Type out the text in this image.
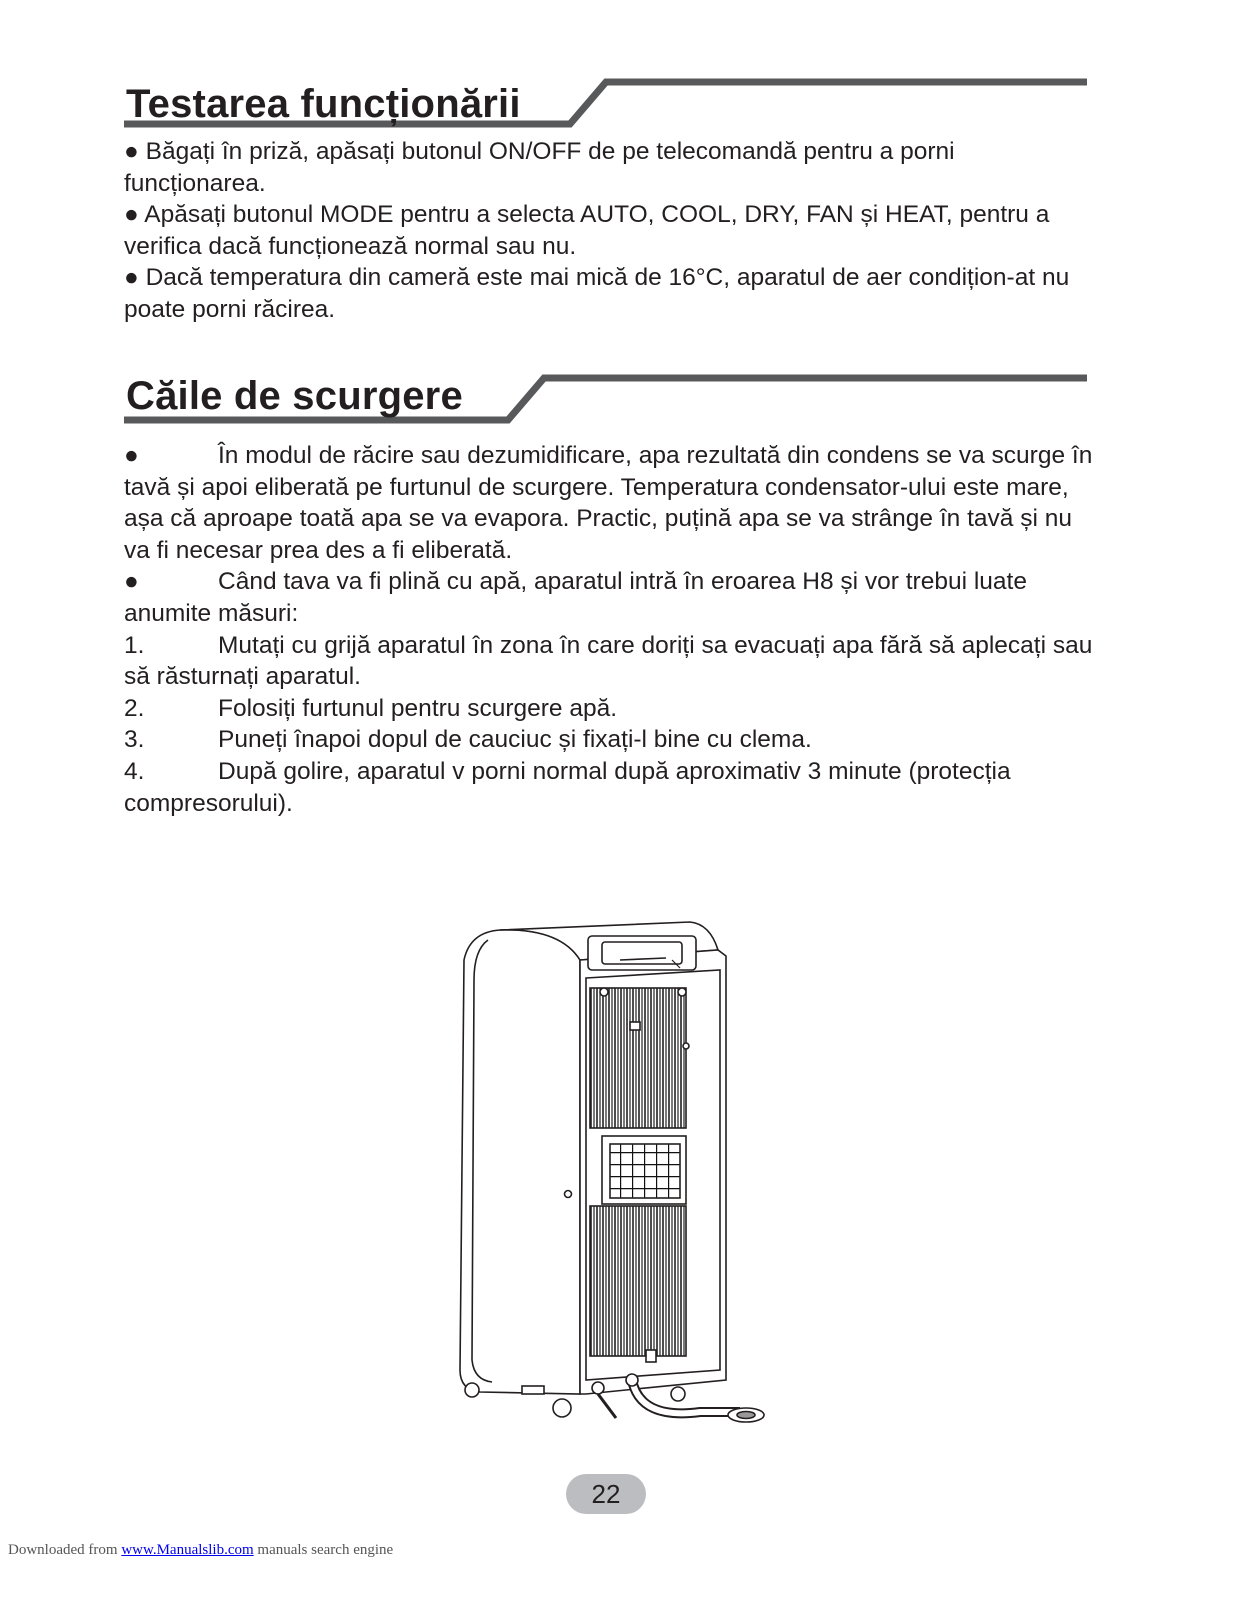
Testarea funcționării

● Băgați în priză, apăsați butonul ON/OFF de pe telecomandă pentru a porni funcționarea.

● Apăsați butonul MODE pentru a selecta AUTO, COOL, DRY, FAN și HEAT, pentru a verifica dacă funcționează normal sau nu.

● Dacă temperatura din cameră este mai mică de 16°C, aparatul de aer condițion-at nu poate porni răcirea.

Căile de scurgere

●	În modul de răcire sau dezumidificare, apa rezultată din condens se va scurge în tavă și apoi eliberată pe furtunul de scurgere. Temperatura condensator-ului este mare, așa că aproape toată apa se va evapora. Practic, puțină apa se va strânge în tavă și nu va fi necesar prea des a fi eliberată.

●	Când tava va fi plină cu apă, aparatul intră în eroarea H8 și vor trebui luate anumite măsuri:

1.	Mutați cu grijă aparatul în zona în care doriți sa evacuați apa fără să aplecați sau să răsturnați aparatul.

2.	Folosiți furtunul pentru scurgere apă.

3.	Puneți înapoi dopul de cauciuc și fixați-l bine cu clema.

4.	După golire, aparatul v porni normal după aproximativ 3 minute (protecția compresorului).

22
Downloaded from www.Manualslib.com manuals search engine
